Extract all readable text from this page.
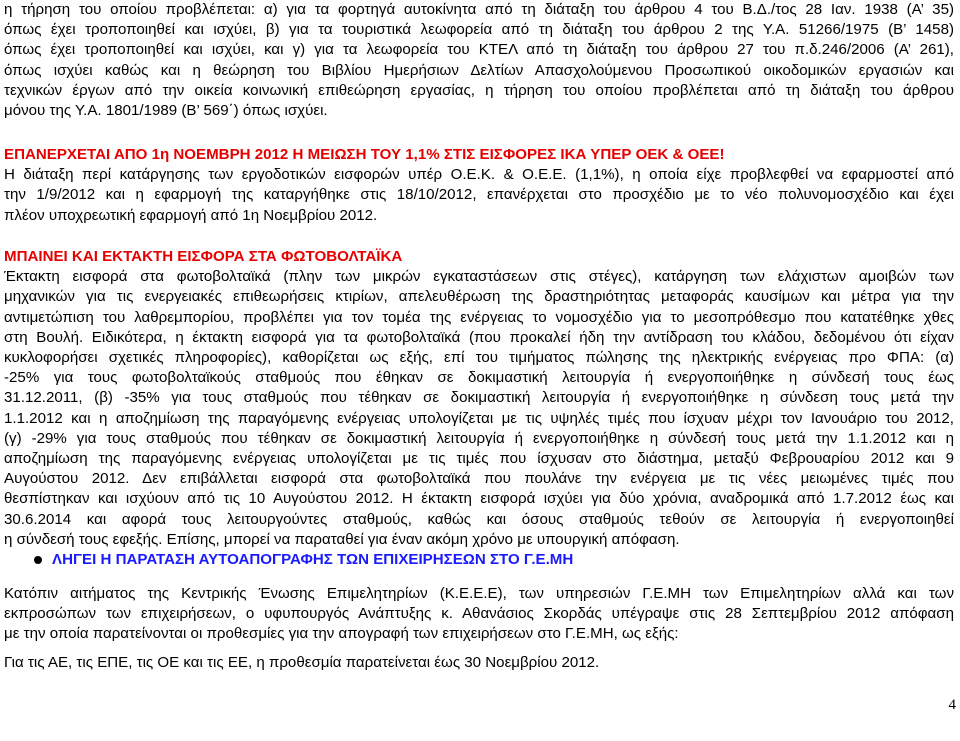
η τήρηση του οποίου προβλέπεται: α) για τα φορτηγά αυτοκίνητα από τη διάταξη του άρθρου 4 του Β.Δ./τος 28 Ιαν. 1938 (Α’ 35)
όπως έχει τροποποιηθεί και ισχύει, β) για τα τουριστικά λεωφορεία από τη διάταξη του άρθρου 2 της Υ.Α. 51266/1975 (Β’ 1458)
όπως έχει τροποποιηθεί και ισχύει, και γ) για τα λεωφορεία του ΚΤΕΛ από τη διάταξη του άρθρου 27 του π.δ.246/2006 (Α’ 261),
όπως ισχύει καθώς και η θεώρηση του Βιβλίου Ημερήσιων Δελτίων Απασχολούμενου Προσωπικού οικοδομικών εργασιών και
τεχνικών έργων από την οικεία κοινωνική επιθεώρηση εργασίας, η τήρηση του οποίου προβλέπεται από τη διάταξη του άρθρου
μόνου της Υ.Α. 1801/1989 (Β’ 569΄) όπως ισχύει.
ΕΠΑΝΕΡΧΕΤΑΙ ΑΠΟ 1η ΝΟΕΜΒΡΗ 2012 Η ΜΕΙΩΣΗ ΤΟΥ 1,1% ΣΤΙΣ ΕΙΣΦΟΡΕΣ ΙΚΑ ΥΠΕΡ ΟΕΚ & ΟΕΕ!
Η διάταξη περί κατάργησης των εργοδοτικών εισφορών υπέρ Ο.Ε.Κ. & Ο.Ε.Ε. (1,1%), η οποία είχε προβλεφθεί να εφαρμοστεί από
την 1/9/2012 και η εφαρμογή της καταργήθηκε στις 18/10/2012, επανέρχεται στο προσχέδιο με το νέο πολυνομοσχέδιο και έχει
πλέον υποχρεωτική εφαρμογή από 1η Νοεμβρίου 2012.
ΜΠΑΙΝΕΙ ΚΑΙ ΕΚΤΑΚΤΗ ΕΙΣΦΟΡΑ ΣΤΑ ΦΩΤΟΒΟΛΤΑΪΚΑ
Έκτακτη εισφορά στα φωτοβολταϊκά (πλην των μικρών εγκαταστάσεων στις στέγες), κατάργηση των ελάχιστων αμοιβών των
μηχανικών για τις ενεργειακές επιθεωρήσεις κτιρίων, απελευθέρωση της δραστηριότητας μεταφοράς καυσίμων και μέτρα για την
αντιμετώπιση του λαθρεμπορίου, προβλέπει για τον τομέα της ενέργειας το νομοσχέδιο για το μεσοπρόθεσμο που κατατέθηκε χθες
στη Βουλή. Ειδικότερα, η έκτακτη εισφορά για τα φωτοβολταϊκά (που προκαλεί ήδη την αντίδραση του κλάδου, δεδομένου ότι είχαν
κυκλοφορήσει σχετικές πληροφορίες), καθορίζεται ως εξής, επί του τιμήματος πώλησης της ηλεκτρικής ενέργειας προ ΦΠΑ: (α)
-25% για τους φωτοβολταϊκούς σταθμούς που έθηκαν σε δοκιμαστική λειτουργία ή ενεργοποιήθηκε η σύνδεσή τους έως
31.12.2011, (β) -35% για τους σταθμούς που τέθηκαν σε δοκιμαστική λειτουργία ή ενεργοποιήθηκε η σύνδεση τους μετά την
1.1.2012 και η αποζημίωση της παραγόμενης ενέργειας υπολογίζεται με τις υψηλές τιμές που ίσχυαν μέχρι τον Ιανουάριο του 2012,
(γ) -29% για τους σταθμούς που τέθηκαν σε δοκιμαστική λειτουργία ή ενεργοποιήθηκε η σύνδεσή τους μετά την 1.1.2012 και η
αποζημίωση της παραγόμενης ενέργειας υπολογίζεται με τις τιμές που ίσχυσαν στο διάστημα, μεταξύ Φεβρουαρίου 2012 και 9
Αυγούστου 2012. Δεν επιβάλλεται εισφορά στα φωτοβολταϊκά που πουλάνε την ενέργεια με τις νέες μειωμένες τιμές που
θεσπίστηκαν και ισχύουν από τις 10 Αυγούστου 2012. Η έκτακτη εισφορά ισχύει για δύο χρόνια, αναδρομικά από 1.7.2012 έως και
30.6.2014 και αφορά τους λειτουργούντες σταθμούς, καθώς και όσους σταθμούς τεθούν σε λειτουργία ή ενεργοποιηθεί
η σύνδεσή τους εφεξής. Επίσης, μπορεί να παραταθεί για έναν ακόμη χρόνο με υπουργική απόφαση.
ΛΗΓΕΙ Η ΠΑΡΑΤΑΣΗ ΑΥΤΟΑΠΟΓΡΑΦΗΣ ΤΩΝ ΕΠΙΧΕΙΡΗΣΕΩΝ ΣΤΟ Γ.Ε.ΜΗ
Κατόπιν αιτήματος της Κεντρικής Ένωσης Επιμελητηρίων (Κ.Ε.Ε.Ε), των υπηρεσιών Γ.Ε.ΜΗ των Επιμελητηρίων αλλά και των
εκπροσώπων των επιχειρήσεων, ο υφυπουργός Ανάπτυξης κ. Αθανάσιος Σκορδάς υπέγραψε στις 28 Σεπτεμβρίου 2012 απόφαση
με την οποία παρατείνονται οι προθεσμίες για την απογραφή των επιχειρήσεων στο Γ.Ε.ΜΗ, ως εξής:
Για τις ΑΕ, τις ΕΠΕ, τις ΟΕ και τις ΕΕ, η προθεσμία παρατείνεται έως 30 Νοεμβρίου 2012.
4
